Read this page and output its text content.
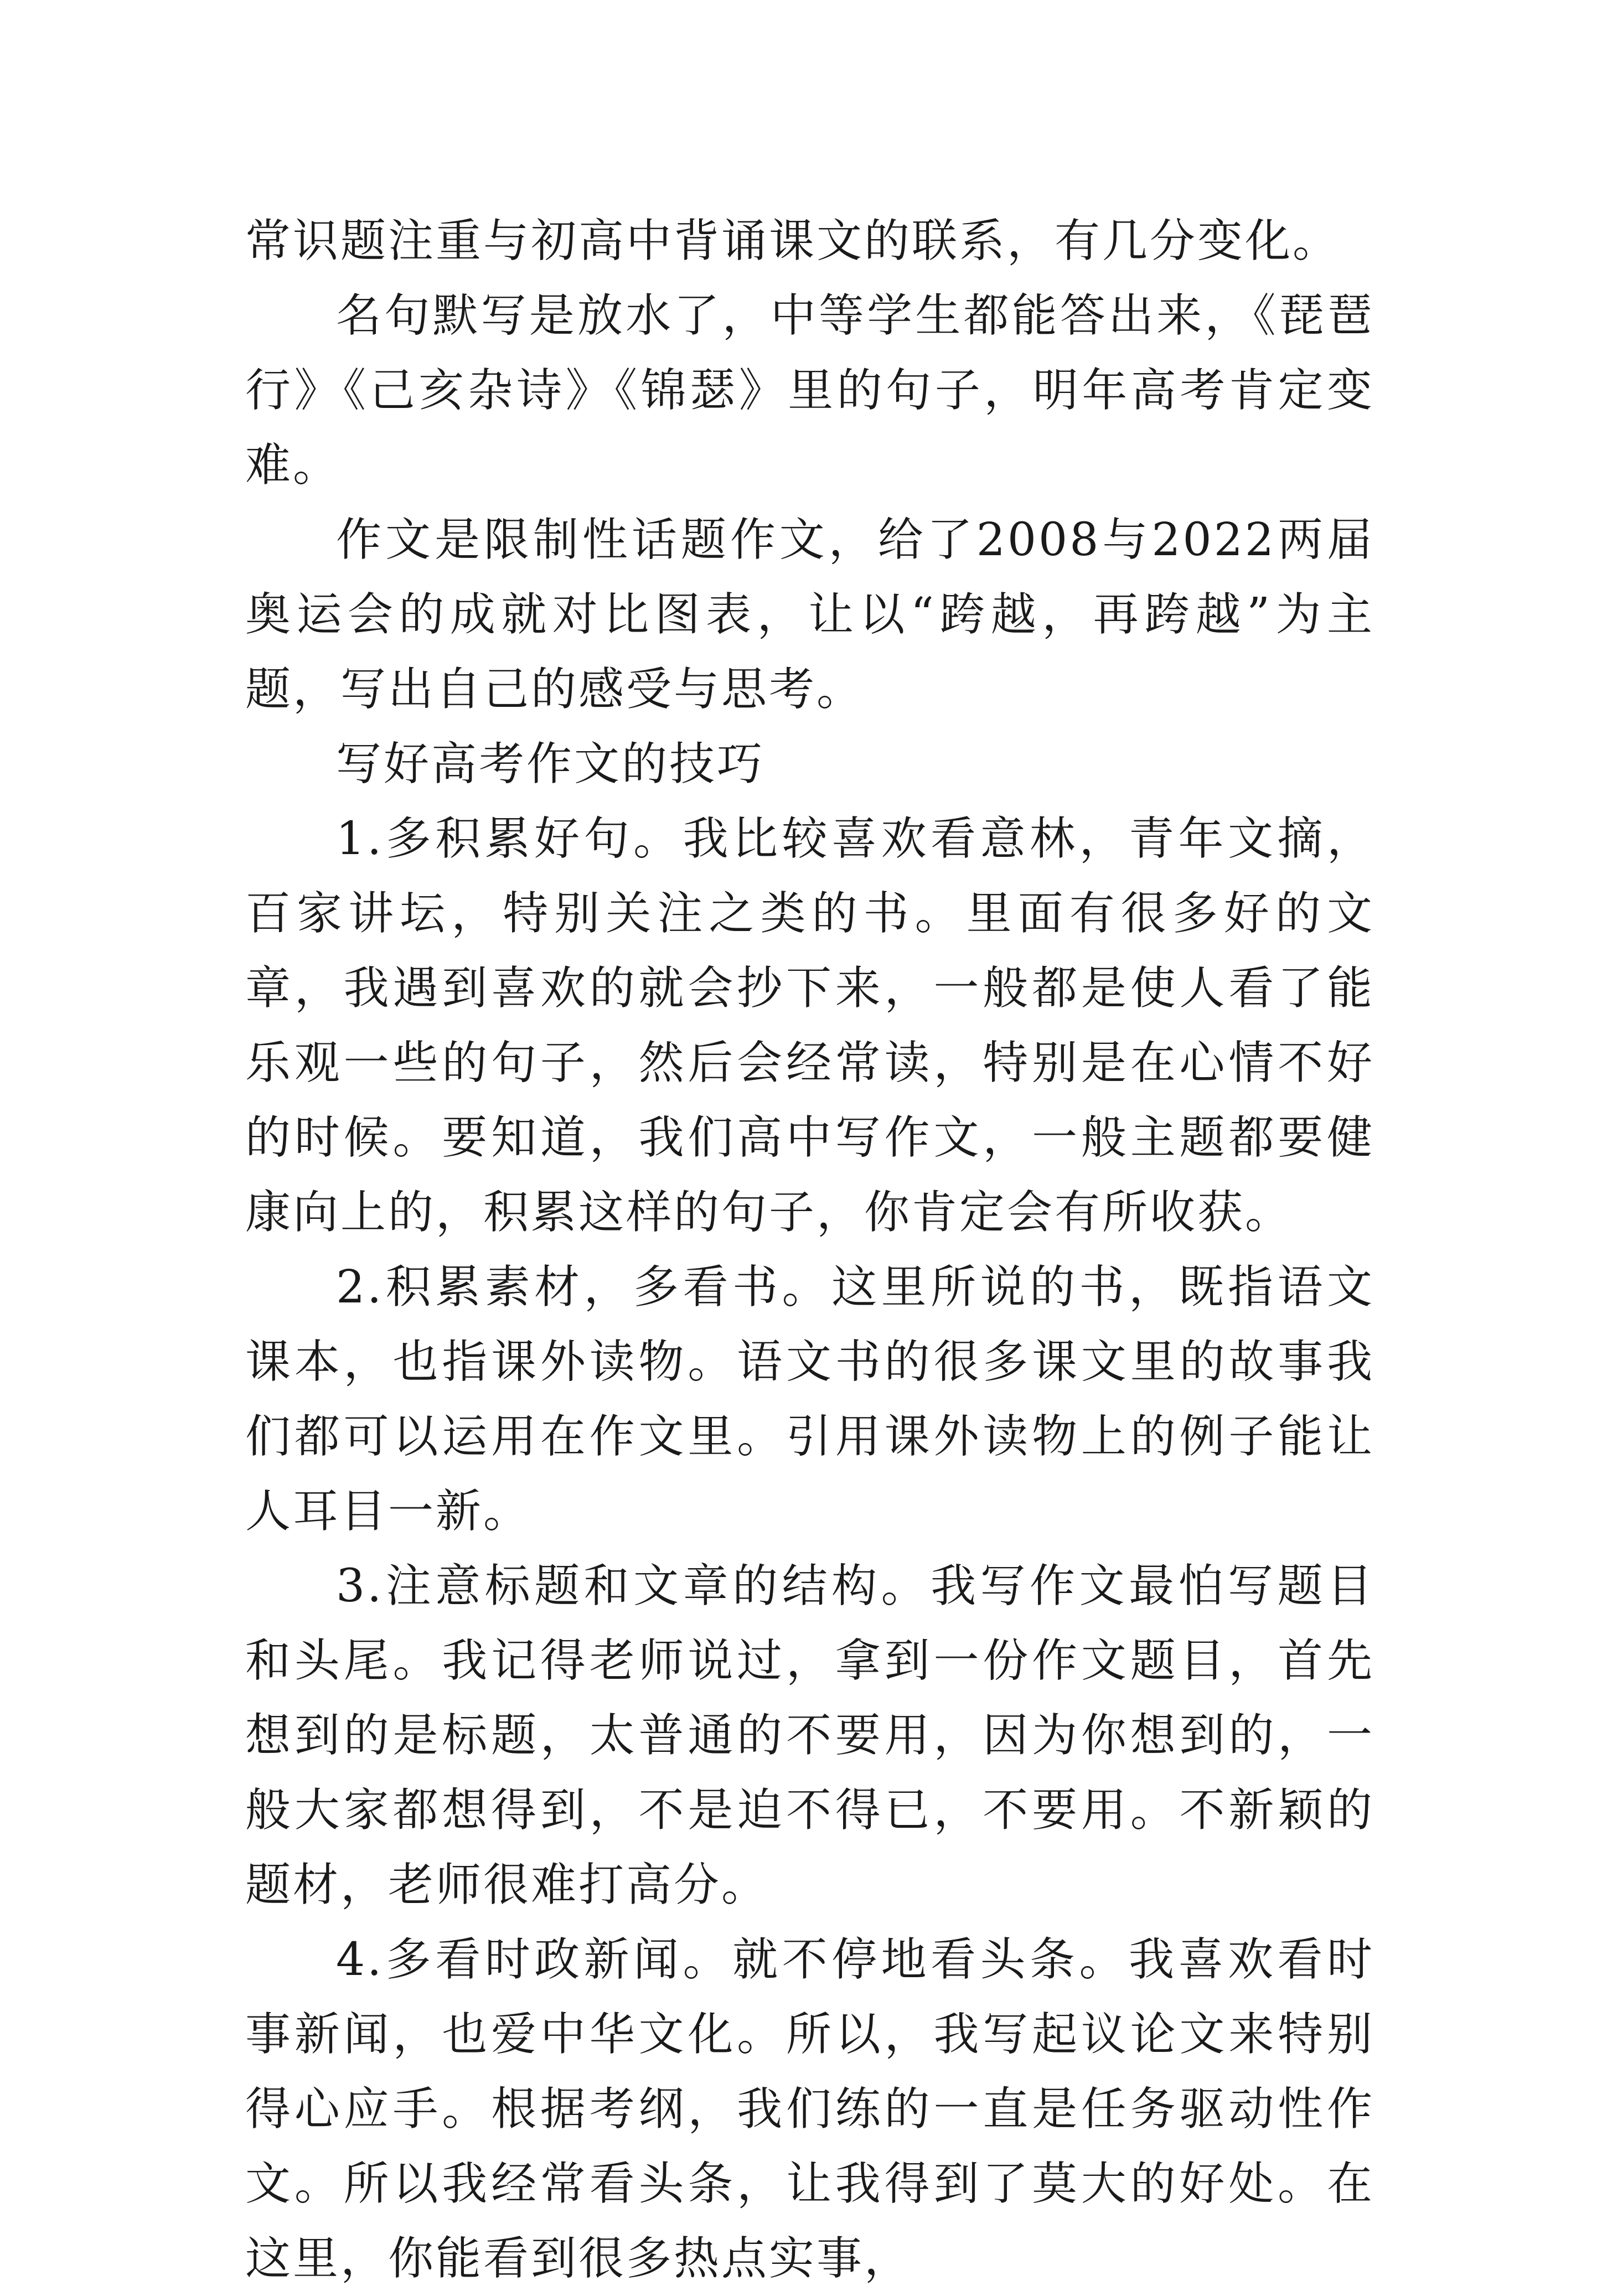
常识题注重与初高中背诵课文的联系，有几分变化。

名句默写是放水了，中等学生都能答出来，《琵琶行》《己亥杂诗》《锦瑟》里的句子，明年高考肯定变难。

作文是限制性话题作文，给了2008与2022两届奥运会的成就对比图表，让以“跨越，再跨越”为主题，写出自己的感受与思考。

写好高考作文的技巧

1.多积累好句。我比较喜欢看意林，青年文摘，百家讲坛，特别关注之类的书。里面有很多好的文章，我遇到喜欢的就会抄下来，一般都是使人看了能乐观一些的句子，然后会经常读，特别是在心情不好的时候。要知道，我们高中写作文，一般主题都要健康向上的，积累这样的句子，你肯定会有所收获。

2.积累素材，多看书。这里所说的书，既指语文课本，也指课外读物。语文书的很多课文里的故事我们都可以运用在作文里。引用课外读物上的例子能让人耳目一新。

3.注意标题和文章的结构。我写作文最怕写题目和头尾。我记得老师说过，拿到一份作文题目，首先想到的是标题，太普通的不要用，因为你想到的，一般大家都想得到，不是迫不得已，不要用。不新颖的题材，老师很难打高分。

4.多看时政新闻。就不停地看头条。我喜欢看时事新闻，也爱中华文化。所以，我写起议论文来特别得心应手。根据考纲，我们练的一直是任务驱动性作文。所以我经常看头条，让我得到了莫大的好处。在这里，你能看到很多热点实事，
